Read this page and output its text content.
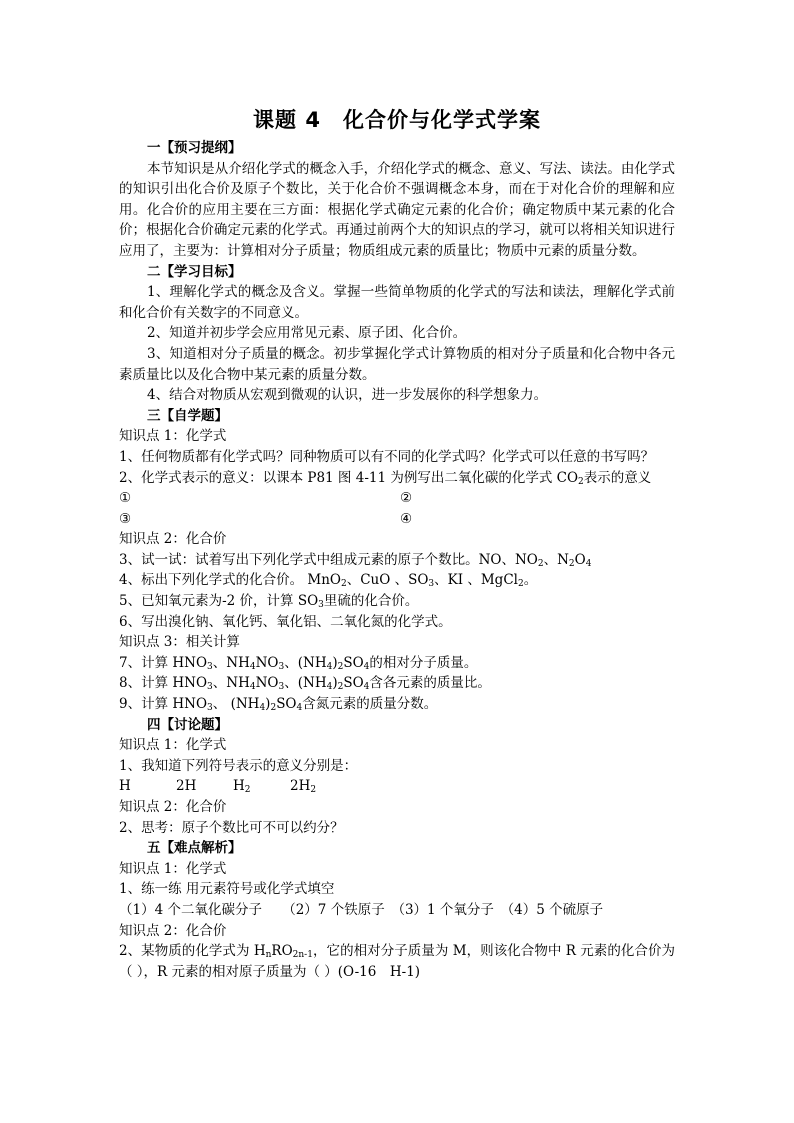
课题 4　化合价与化学式学案

一【预习提纲】

本节知识是从介绍化学式的概念入手，介绍化学式的概念、意义、写法、读法。由化学式的知识引出化合价及原子个数比，关于化合价不强调概念本身，而在于对化合价的理解和应用。化合价的应用主要在三方面：根据化学式确定元素的化合价；确定物质中某元素的化合价；根据化合价确定元素的化学式。再通过前两个大的知识点的学习，就可以将相关知识进行应用了，主要为：计算相对分子质量；物质组成元素的质量比；物质中元素的质量分数。

二【学习目标】

1、理解化学式的概念及含义。掌握一些简单物质的化学式的写法和读法，理解化学式前和化合价有关数字的不同意义。

2、知道并初步学会应用常见元素、原子团、化合价。

3、知道相对分子质量的概念。初步掌握化学式计算物质的相对分子质量和化合物中各元素质量比以及化合物中某元素的质量分数。

4、结合对物质从宏观到微观的认识，进一步发展你的科学想象力。

三【自学题】

知识点 1：化学式

1、任何物质都有化学式吗？同种物质可以有不同的化学式吗？化学式可以任意的书写吗？

2、化学式表示的意义：以课本 P81 图 4-11 为例写出二氧化碳的化学式 $CO_2$表示的意义

①	②
③	④

知识点 2：化合价

3、试一试：试着写出下列化学式中组成元素的原子个数比。NO、$NO_2$、$N_2O_4$

4、标出下列化学式的化合价。 MnO$_2$、CuO 、$SO_3$、KI 、MgCl$_2$。

5、已知氧元素为-2 价，计算 $SO_3$里硫的化合价。

6、写出溴化钠、氧化钙、氧化铝、二氧化氮的化学式。

知识点 3：相关计算

7、计算 $HNO_3$、$NH_4NO_3$、$(NH_4)_2SO_4$的相对分子质量。

8、计算 $HNO_3$、$NH_4NO_3$、$(NH_4)_2SO_4$含各元素的质量比。

9、计算 $HNO_3$、 $(NH_4)_2SO_4$含氮元素的质量分数。

四【讨论题】

知识点 1：化学式

1、我知道下列符号表示的意义分别是：

H	2H	$H_2$	$2H_2$

知识点 2：化合价

2、思考：原子个数比可不可以约分？

五【难点解析】

知识点 1：化学式

1、练一练 用元素符号或化学式填空

（1）4 个二氧化碳分子　　（2）7 个铁原子　（3）1 个氧分子　（4）5 个硫原子

知识点 2：化合价

2、某物质的化学式为 $H_nRO_{2n-1}$，它的相对分子质量为 M，则该化合物中 R 元素的化合价为（ ），R 元素的相对原子质量为（ ）(O-16　H-1)
